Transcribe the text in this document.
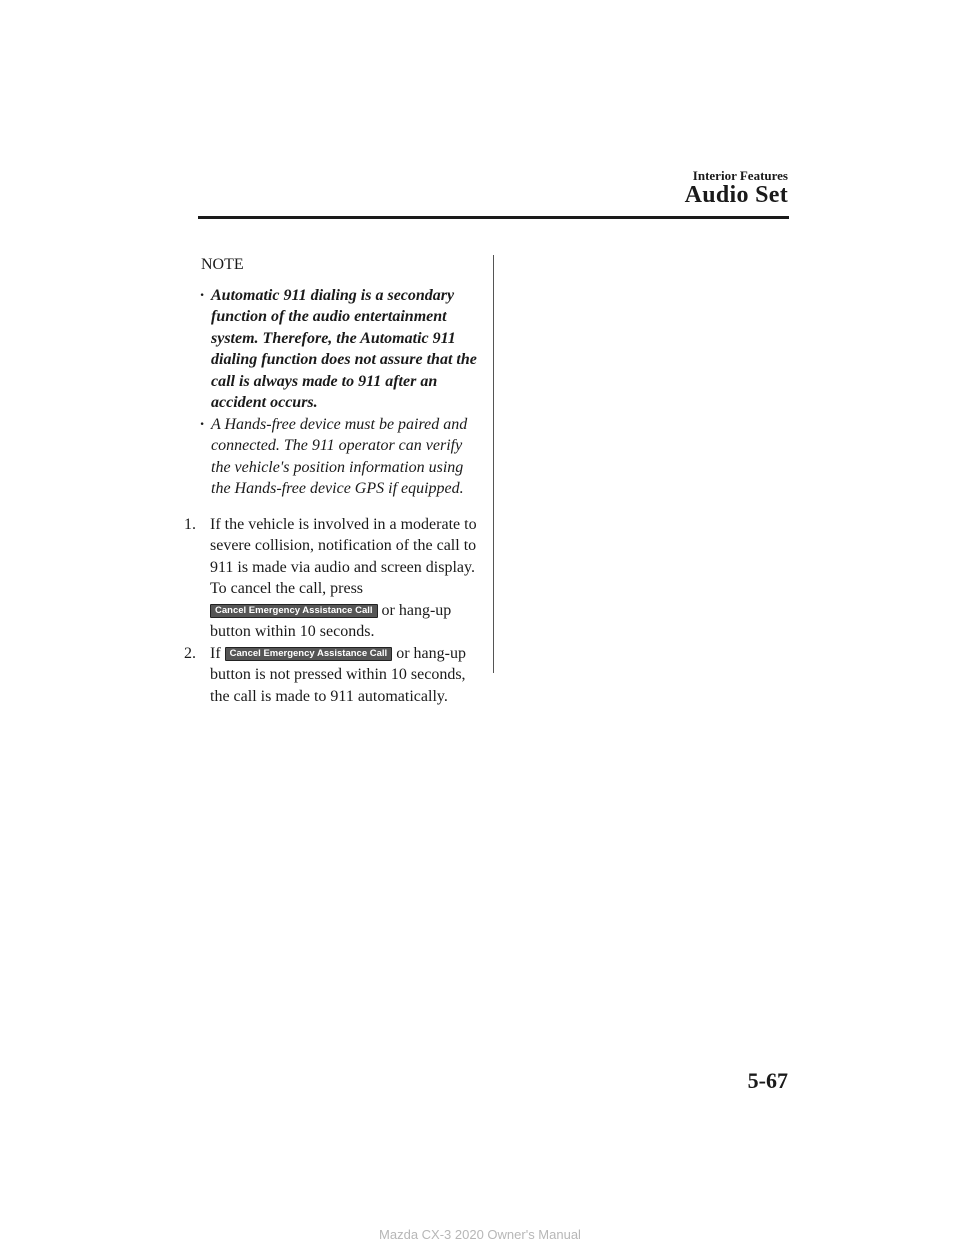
Interior Features
Audio Set
NOTE
· Automatic 911 dialing is a secondary function of the audio entertainment system. Therefore, the Automatic 911 dialing function does not assure that the call is always made to 911 after an accident occurs.
· A Hands-free device must be paired and connected. The 911 operator can verify the vehicle's position information using the Hands-free device GPS if equipped.
1. If the vehicle is involved in a moderate to severe collision, notification of the call to 911 is made via audio and screen display. To cancel the call, press Cancel Emergency Assistance Call or hang-up button within 10 seconds.
2. If Cancel Emergency Assistance Call or hang-up button is not pressed within 10 seconds, the call is made to 911 automatically.
5-67
Mazda CX-3 2020 Owner's Manual
